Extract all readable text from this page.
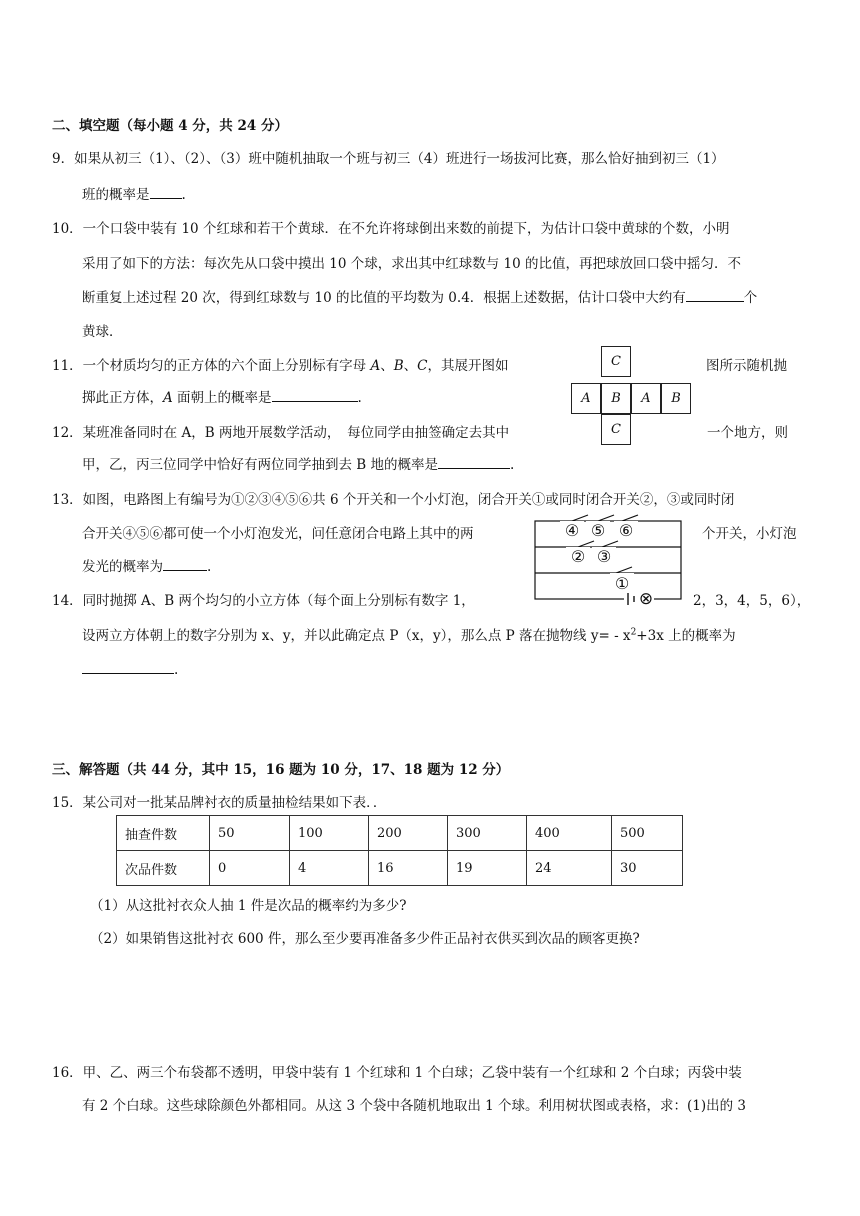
二、填空题（每小题 4 分，共 24 分）
9．如果从初三（1）、（2）、（3）班中随机抽取一个班与初三（4）班进行一场拔河比赛，那么恰好抽到初三（1）
班的概率是 .
10．一个口袋中装有 10 个红球和若干个黄球．在不允许将球倒出来数的前提下，为估计口袋中黄球的个数，小明
采用了如下的方法：每次先从口袋中摸出 10 个球，求出其中红球数与 10 的比值，再把球放回口袋中摇匀．不
断重复上述过程 20 次，得到红球数与 10 的比值的平均数为 0.4．根据上述数据，估计口袋中大约有	个
黄球．
11．一个材质均匀的正方体的六个面上分别标有字母 A、B、C，其展开图如	图所示随机抛
掷此正方体，A 面朝上的概率是	.
C
A	B	A	B
C
12．某班准备同时在 A，B 两地开展数学活动，　每位同学由抽签确定去其中	一个地方，则
甲，乙，丙三位同学中恰好有两位同学抽到去 B 地的概率是	.
13．如图，电路图上有编号为①②③④⑤⑥共 6 个开关和一个小灯泡，闭合开关①或同时闭合开关②，③或同时闭
合开关④⑤⑥都可使一个小灯泡发光，问任意闭合电路上其中的两	个开关，小灯泡
发光的概率为	.
④ ⑤ ⑥
② ③
①
⊗
14．同时抛掷 A、B 两个均匀的小立方体（每个面上分别标有数字 1，	2，3，4，5，6），
设两立方体朝上的数字分别为 x、y，并以此确定点 P（x，y），那么点 P 落在抛物线 $y= - x^2+3x$ 上的概率为
.
三、解答题（共 44 分，其中 15，16 题为 10 分，17、18 题为 12 分）
15．某公司对一批某品牌衬衣的质量抽检结果如下表．．
抽查件数	50	100	200	300	400	500
次品件数	0	4	16	19	24	30
（1）从这批衬衣众人抽 1 件是次品的概率约为多少?
（2）如果销售这批衬衣 600 件，那么至少要再准备多少件正品衬衣供买到次品的顾客更换?
16．甲、乙、两三个布袋都不透明，甲袋中装有 1 个红球和 1 个白球；乙袋中装有一个红球和 2 个白球；丙袋中装
有 2 个白球。这些球除颜色外都相同。从这 3 个袋中各随机地取出 1 个球。利用树状图或表格，求：(1)出的 3
